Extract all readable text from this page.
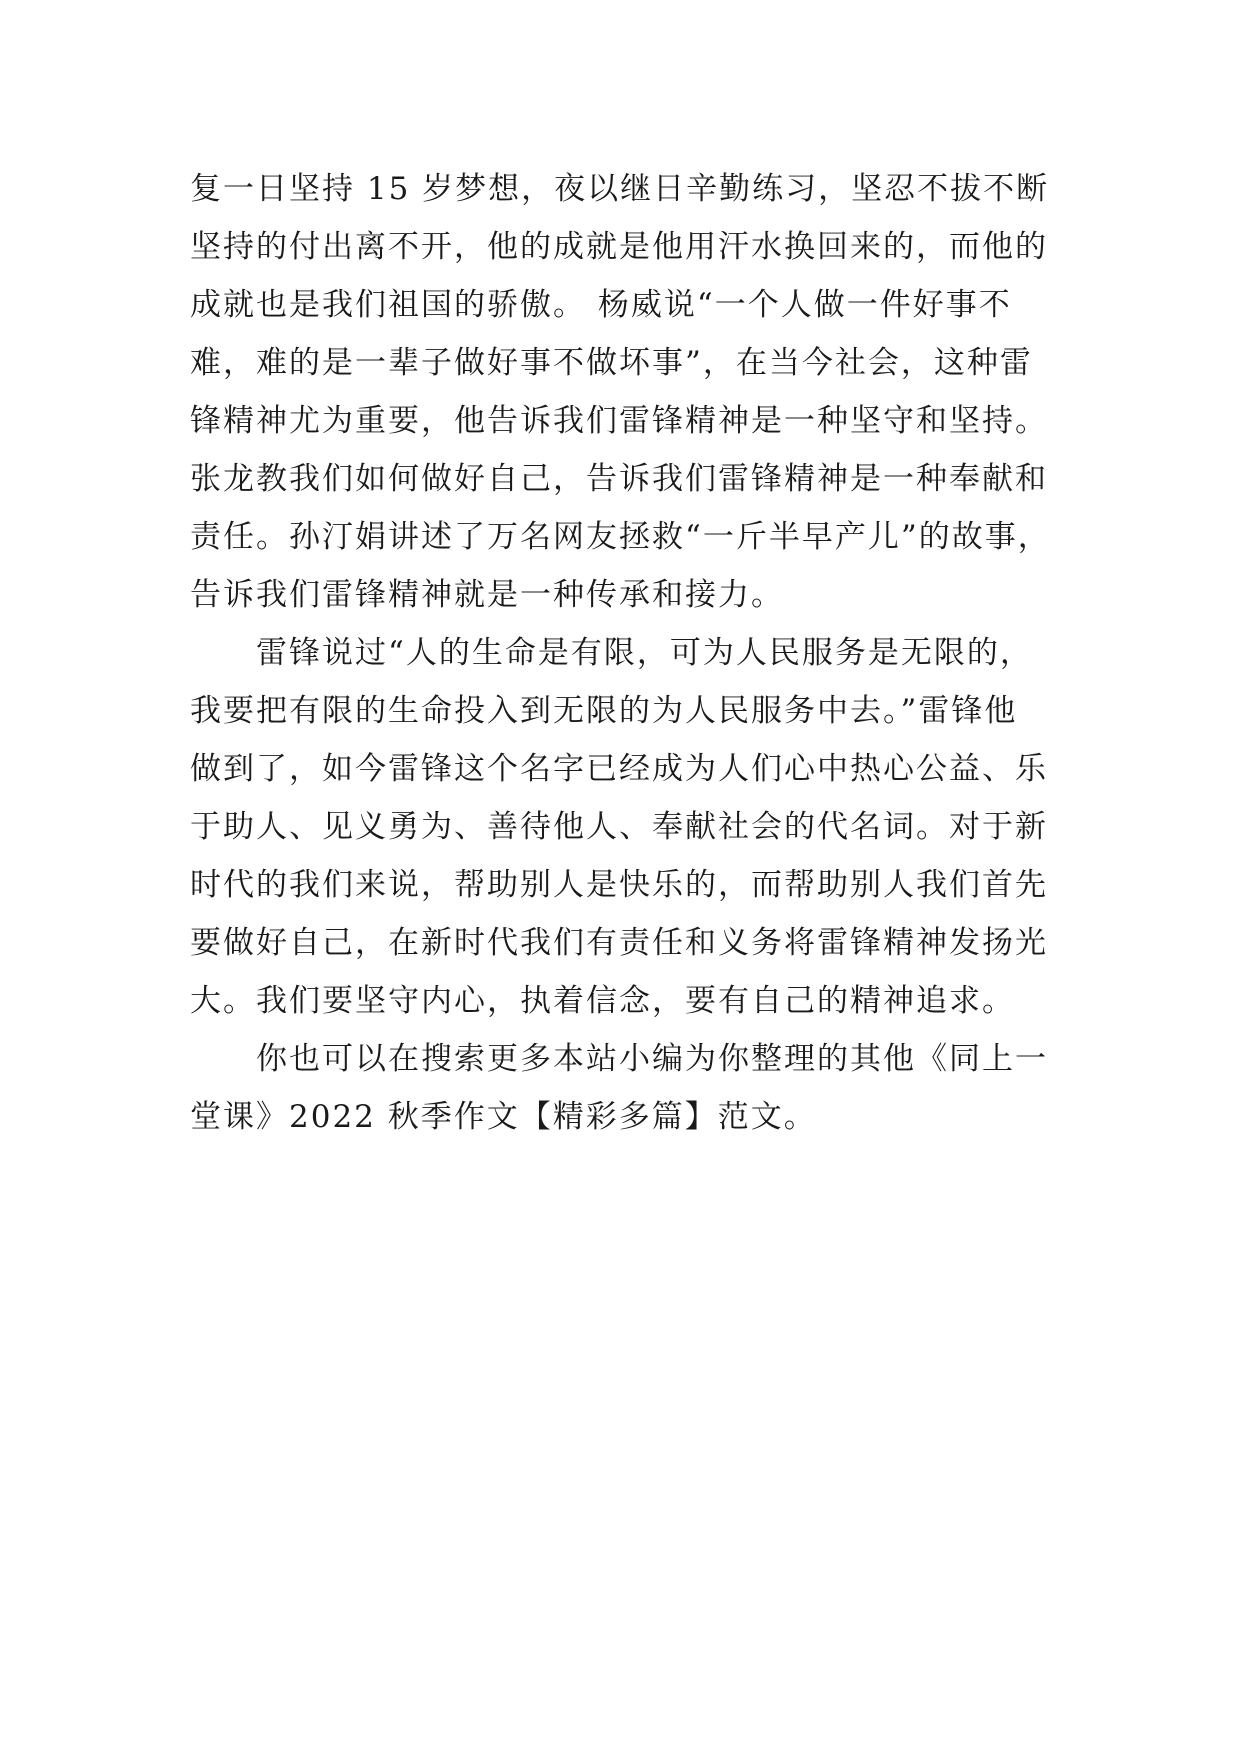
复一日坚持 15 岁梦想，夜以继日辛勤练习，坚忍不拔不断
坚持的付出离不开，他的成就是他用汗水换回来的，而他的
成就也是我们祖国的骄傲。 杨威说“一个人做一件好事不
难，难的是一辈子做好事不做坏事”，在当今社会，这种雷
锋精神尤为重要，他告诉我们雷锋精神是一种坚守和坚持。
张龙教我们如何做好自己，告诉我们雷锋精神是一种奉献和
责任。孙汀娟讲述了万名网友拯救“一斤半早产儿”的故事，
告诉我们雷锋精神就是一种传承和接力。
雷锋说过“人的生命是有限，可为人民服务是无限的，
我要把有限的生命投入到无限的为人民服务中去。”雷锋他
做到了，如今雷锋这个名字已经成为人们心中热心公益、乐
于助人、见义勇为、善待他人、奉献社会的代名词。对于新
时代的我们来说，帮助别人是快乐的，而帮助别人我们首先
要做好自己，在新时代我们有责任和义务将雷锋精神发扬光
大。我们要坚守内心，执着信念，要有自己的精神追求。
你也可以在搜索更多本站小编为你整理的其他《同上一
堂课》2022 秋季作文【精彩多篇】范文。
